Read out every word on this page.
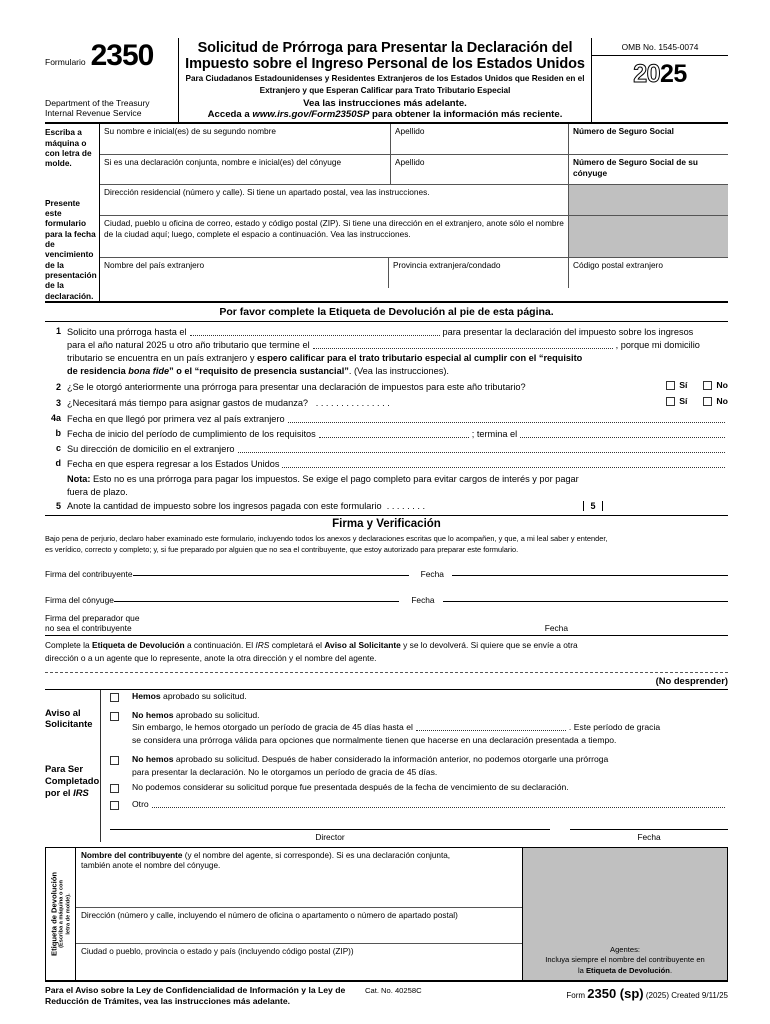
Formulario 2350
Department of the Treasury
Internal Revenue Service
Solicitud de Prórroga para Presentar la Declaración del
Impuesto sobre el Ingreso Personal de los Estados Unidos
Para Ciudadanos Estadounidenses y Residentes Extranjeros de los Estados Unidos que Residen en el
Extranjero y que Esperan Calificar para Trato Tributario Especial
Vea las instrucciones más adelante.
Acceda a www.irs.gov/Form2350SP para obtener la información más reciente.
OMB No. 1545-0074
2025
Escriba a máquina o con letra de molde.
Presente este formulario para la fecha de vencimiento de la presentación de la declaración.
Su nombre e inicial(es) de su segundo nombre	Apellido	Número de Seguro Social
Si es una declaración conjunta, nombre e inicial(es) del cónyuge	Apellido	Número de Seguro Social de su cónyuge
Dirección residencial (número y calle). Si tiene un apartado postal, vea las instrucciones.
Ciudad, pueblo u oficina de correo, estado y código postal (ZIP). Si tiene una dirección en el extranjero, anote sólo el nombre de la ciudad aquí; luego, complete el espacio a continuación. Vea las instrucciones.
Nombre del país extranjero	Provincia extranjera/condado	Código postal extranjero
Por favor complete la Etiqueta de Devolución al pie de esta página.
1 Solicito una prórroga hasta el	para presentar la declaración del impuesto sobre los ingresos
para el año natural 2025 u otro año tributario que termine el	, porque mi domicilio
tributario se encuentra en un país extranjero y espero calificar para el trato tributario especial al cumplir con el “requisito
de residencia bona fide” o el “requisito de presencia sustancial”. (Vea las instrucciones).
2 ¿Se le otorgó anteriormente una prórroga para presentar una declaración de impuestos para este año tributario?	Sí	No
3 ¿Necesitará más tiempo para asignar gastos de mudanza? . . . . . . . . . . . . . . .	Sí	No
4a Fecha en que llegó por primera vez al país extranjero
b Fecha de inicio del período de cumplimiento de los requisitos	; termina el
c Su dirección de domicilio en el extranjero
d Fecha en que espera regresar a los Estados Unidos
Nota: Esto no es una prórroga para pagar los impuestos. Se exige el pago completo para evitar cargos de interés y por pagar
fuera de plazo.
5 Anote la cantidad de impuesto sobre los ingresos pagada con este formulario . . . . . . . .	5
Firma y Verificación
Bajo pena de perjurio, declaro haber examinado este formulario, incluyendo todos los anexos y declaraciones escritas que lo acompañen, y que, a mi leal saber y entender,
es verídico, correcto y completo; y, si fue preparado por alguien que no sea el contribuyente, que estoy autorizado para preparar este formulario.
Firma del contribuyente	Fecha
Firma del cónyuge	Fecha
Firma del preparador que
no sea el contribuyente	Fecha
Complete la Etiqueta de Devolución a continuación. El IRS completará el Aviso al Solicitante y se lo devolverá. Si quiere que se envíe a otra
dirección o a un agente que lo represente, anote la otra dirección y el nombre del agente.
(No desprender)
Aviso al
Solicitante
Para Ser
Completado
por el IRS
Hemos aprobado su solicitud.
No hemos aprobado su solicitud.
Sin embargo, le hemos otorgado un período de gracia de 45 días hasta el	. Este período de gracia
se considera una prórroga válida para opciones que normalmente tienen que hacerse en una declaración presentada a tiempo.
No hemos aprobado su solicitud. Después de haber considerado la información anterior, no podemos otorgarle una prórroga
para presentar la declaración. No le otorgamos un período de gracia de 45 días.
No podemos considerar su solicitud porque fue presentada después de la fecha de vencimiento de su declaración.
Otro
Director	Fecha
Etiqueta de Devolución (Escriba a máquina o con letra de molde).
Nombre del contribuyente (y el nombre del agente, si corresponde). Si es una declaración conjunta,
también anote el nombre del cónyuge.
Dirección (número y calle, incluyendo el número de oficina o apartamento o número de apartado postal)
Ciudad o pueblo, provincia o estado y país (incluyendo código postal (ZIP))	Agentes:
Incluya siempre el nombre del contribuyente en
la Etiqueta de Devolución.
Para el Aviso sobre la Ley de Confidencialidad de Información y la Ley de
Reducción de Trámites, vea las instrucciones más adelante.
Cat. No. 40258C
Form 2350 (sp) (2025) Created 9/11/25
